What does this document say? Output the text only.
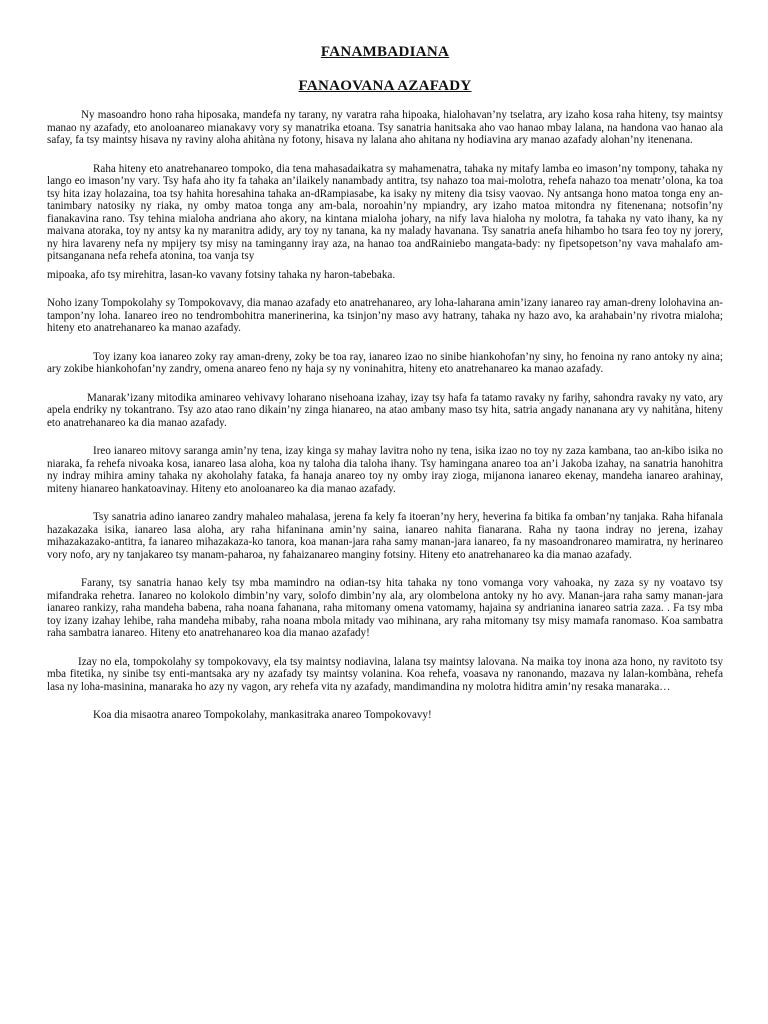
FANAMBADIANA

FANAOVANA AZAFADY

Ny masoandro hono raha hiposaka, mandefa ny tarany, ny varatra raha hipoaka, hialohavan’ny tselatra, ary izaho kosa raha hiteny, tsy maintsy manao ny azafady, eto anoloanareo mianakavy vory sy manatrika etoana. Tsy sanatria hanitsaka aho vao hanao mbay lalana, na handona vao hanao ala safay, fa tsy maintsy hisava ny raviny aloha ahitàna ny fotony, hisava ny lalana aho ahitana ny hodiavina ary manao azafady alohan’ny itenenana.

Raha hiteny eto anatrehanareo tompoko, dia tena mahasadaikatra sy mahamenatra, tahaka ny mitafy lamba eo imason’ny tompony, tahaka ny lango eo imason’ny vary. Tsy hafa aho ity fa tahaka an’ilaikely nanambady antitra, tsy nahazo toa mai-molotra, rehefa nahazo toa menatr’olona, ka toa tsy hita izay holazaina, toa tsy hahita horesahina tahaka an-dRampiasabe, ka isaky ny miteny dia tsisy vaovao. Ny antsanga hono matoa tonga eny an-tanimbary natosiky ny riaka, ny omby matoa tonga any am-bala, noroahin’ny mpiandry, ary izaho matoa mitondra ny fitenenana; notsofin’ny fianakavina rano. Tsy tehina mialoha andriana aho akory, na kintana mialoha johary, na nify lava hialoha ny molotra, fa tahaka ny vato ihany, ka ny maivana atoraka, toy ny antsy ka ny maranitra adidy, ary toy ny tanana, ka ny malady havanana. Tsy sanatria anefa hihambo ho tsara feo toy ny jorery, ny hira lavareny nefa ny mpijery tsy misy na taminganny iray aza, na hanao toa andRainiebo mangata-bady: ny fipetsopetson’ny vava mahalafo am-pitsanganana nefa rehefa atonina, toa vanja tsy

mipoaka, afo tsy mirehitra, lasan-ko vavany fotsiny tahaka ny haron-tabebaka.

Noho izany Tompokolahy sy Tompokovavy, dia manao azafady eto anatrehanareo, ary loha-laharana amin’izany ianareo ray aman-dreny lolohavina an-tampon’ny loha. Ianareo ireo no tendrombohitra manerinerina, ka tsinjon’ny maso avy hatrany, tahaka ny hazo avo, ka arahabain’ny rivotra mialoha; hiteny eto anatrehanareo ka manao azafady.

Toy izany koa ianareo zoky ray aman-dreny, zoky be toa ray, ianareo izao no sinibe hiankohofan’ny siny, ho fenoina ny rano antoky ny aina; ary zokibe hiankohofan’ny zandry, omena anareo feno ny haja sy ny voninahitra, hiteny eto anatrehanareo ka manao azafady.

Manarak’izany mitodika aminareo vehivavy loharano nisehoana izahay, izay tsy hafa fa tatamo ravaky ny farihy, sahondra ravaky ny vato, ary apela endriky ny tokantrano. Tsy azo atao rano dikain’ny zinga hianareo, na atao ambany maso tsy hita, satria angady nananana ary vy nahitàna, hiteny eto anatrehanareo ka dia manao azafady.

Ireo ianareo mitovy saranga amin’ny tena, izay kinga sy mahay lavitra noho ny tena, isika izao no toy ny zaza kambana, tao an-kibo isika no niaraka, fa rehefa nivoaka kosa, ianareo lasa aloha, koa ny taloha dia taloha ihany. Tsy hamingana anareo toa an’i Jakoba izahay, na sanatria hanohitra ny indray mihira aminy tahaka ny akoholahy fataka, fa hanaja anareo toy ny omby iray zioga, mijanona ianareo ekenay, mandeha ianareo arahinay, miteny hianareo hankatoavinay. Hiteny eto anoloanareo ka dia manao azafady.

Tsy sanatria adino ianareo zandry mahaleo mahalasa, jerena fa kely fa itoeran’ny hery, heverina fa bitika fa omban’ny tanjaka. Raha hifanala hazakazaka isika, ianareo lasa aloha, ary raha hifaninana amin’ny saina, ianareo nahita fianarana. Raha ny taona indray no jerena, izahay mihazakazako-antitra, fa ianareo mihazakaza-ko tanora, koa manan-jara raha samy manan-jara ianareo, fa ny masoandronareo mamiratra, ny herinareo vory nofo, ary ny tanjakareo tsy manam-paharoa, ny fahaizanareo manginy fotsiny. Hiteny eto anatrehanareo ka dia manao azafady.

Farany, tsy sanatria hanao kely tsy mba mamindro na odian-tsy hita tahaka ny tono vomanga vory vahoaka, ny zaza sy ny voatavo tsy mifandraka rehetra. Ianareo no kolokolo dimbin’ny vary, solofo dimbin’ny ala, ary olombelona antoky ny ho avy. Manan-jara raha samy manan-jara ianareo rankizy, raha mandeha babena, raha noana fahanana, raha mitomany omena vatomamy, hajaina sy andrianina ianareo satria zaza. . Fa tsy mba toy izany izahay lehibe, raha mandeha mibaby, raha noana mbola mitady vao mihinana, ary raha mitomany tsy misy mamafa ranomaso. Koa sambatra raha sambatra ianareo. Hiteny eto anatrehanareo koa dia manao azafady!

Izay no ela, tompokolahy sy tompokovavy, ela tsy maintsy nodiavina, lalana tsy maintsy lalovana. Na maika toy inona aza hono, ny ravitoto tsy mba fitetika, ny sinibe tsy enti-mantsaka ary ny azafady tsy maintsy volanina. Koa rehefa, voasava ny ranonando, mazava ny lalan-kombàna, rehefa lasa ny loha-masinina, manaraka ho azy ny vagon, ary rehefa vita ny azafady, mandimandina ny molotra hiditra amin’ny resaka manaraka…

Koa dia misaotra anareo Tompokolahy, mankasitraka anareo Tompokovavy!
